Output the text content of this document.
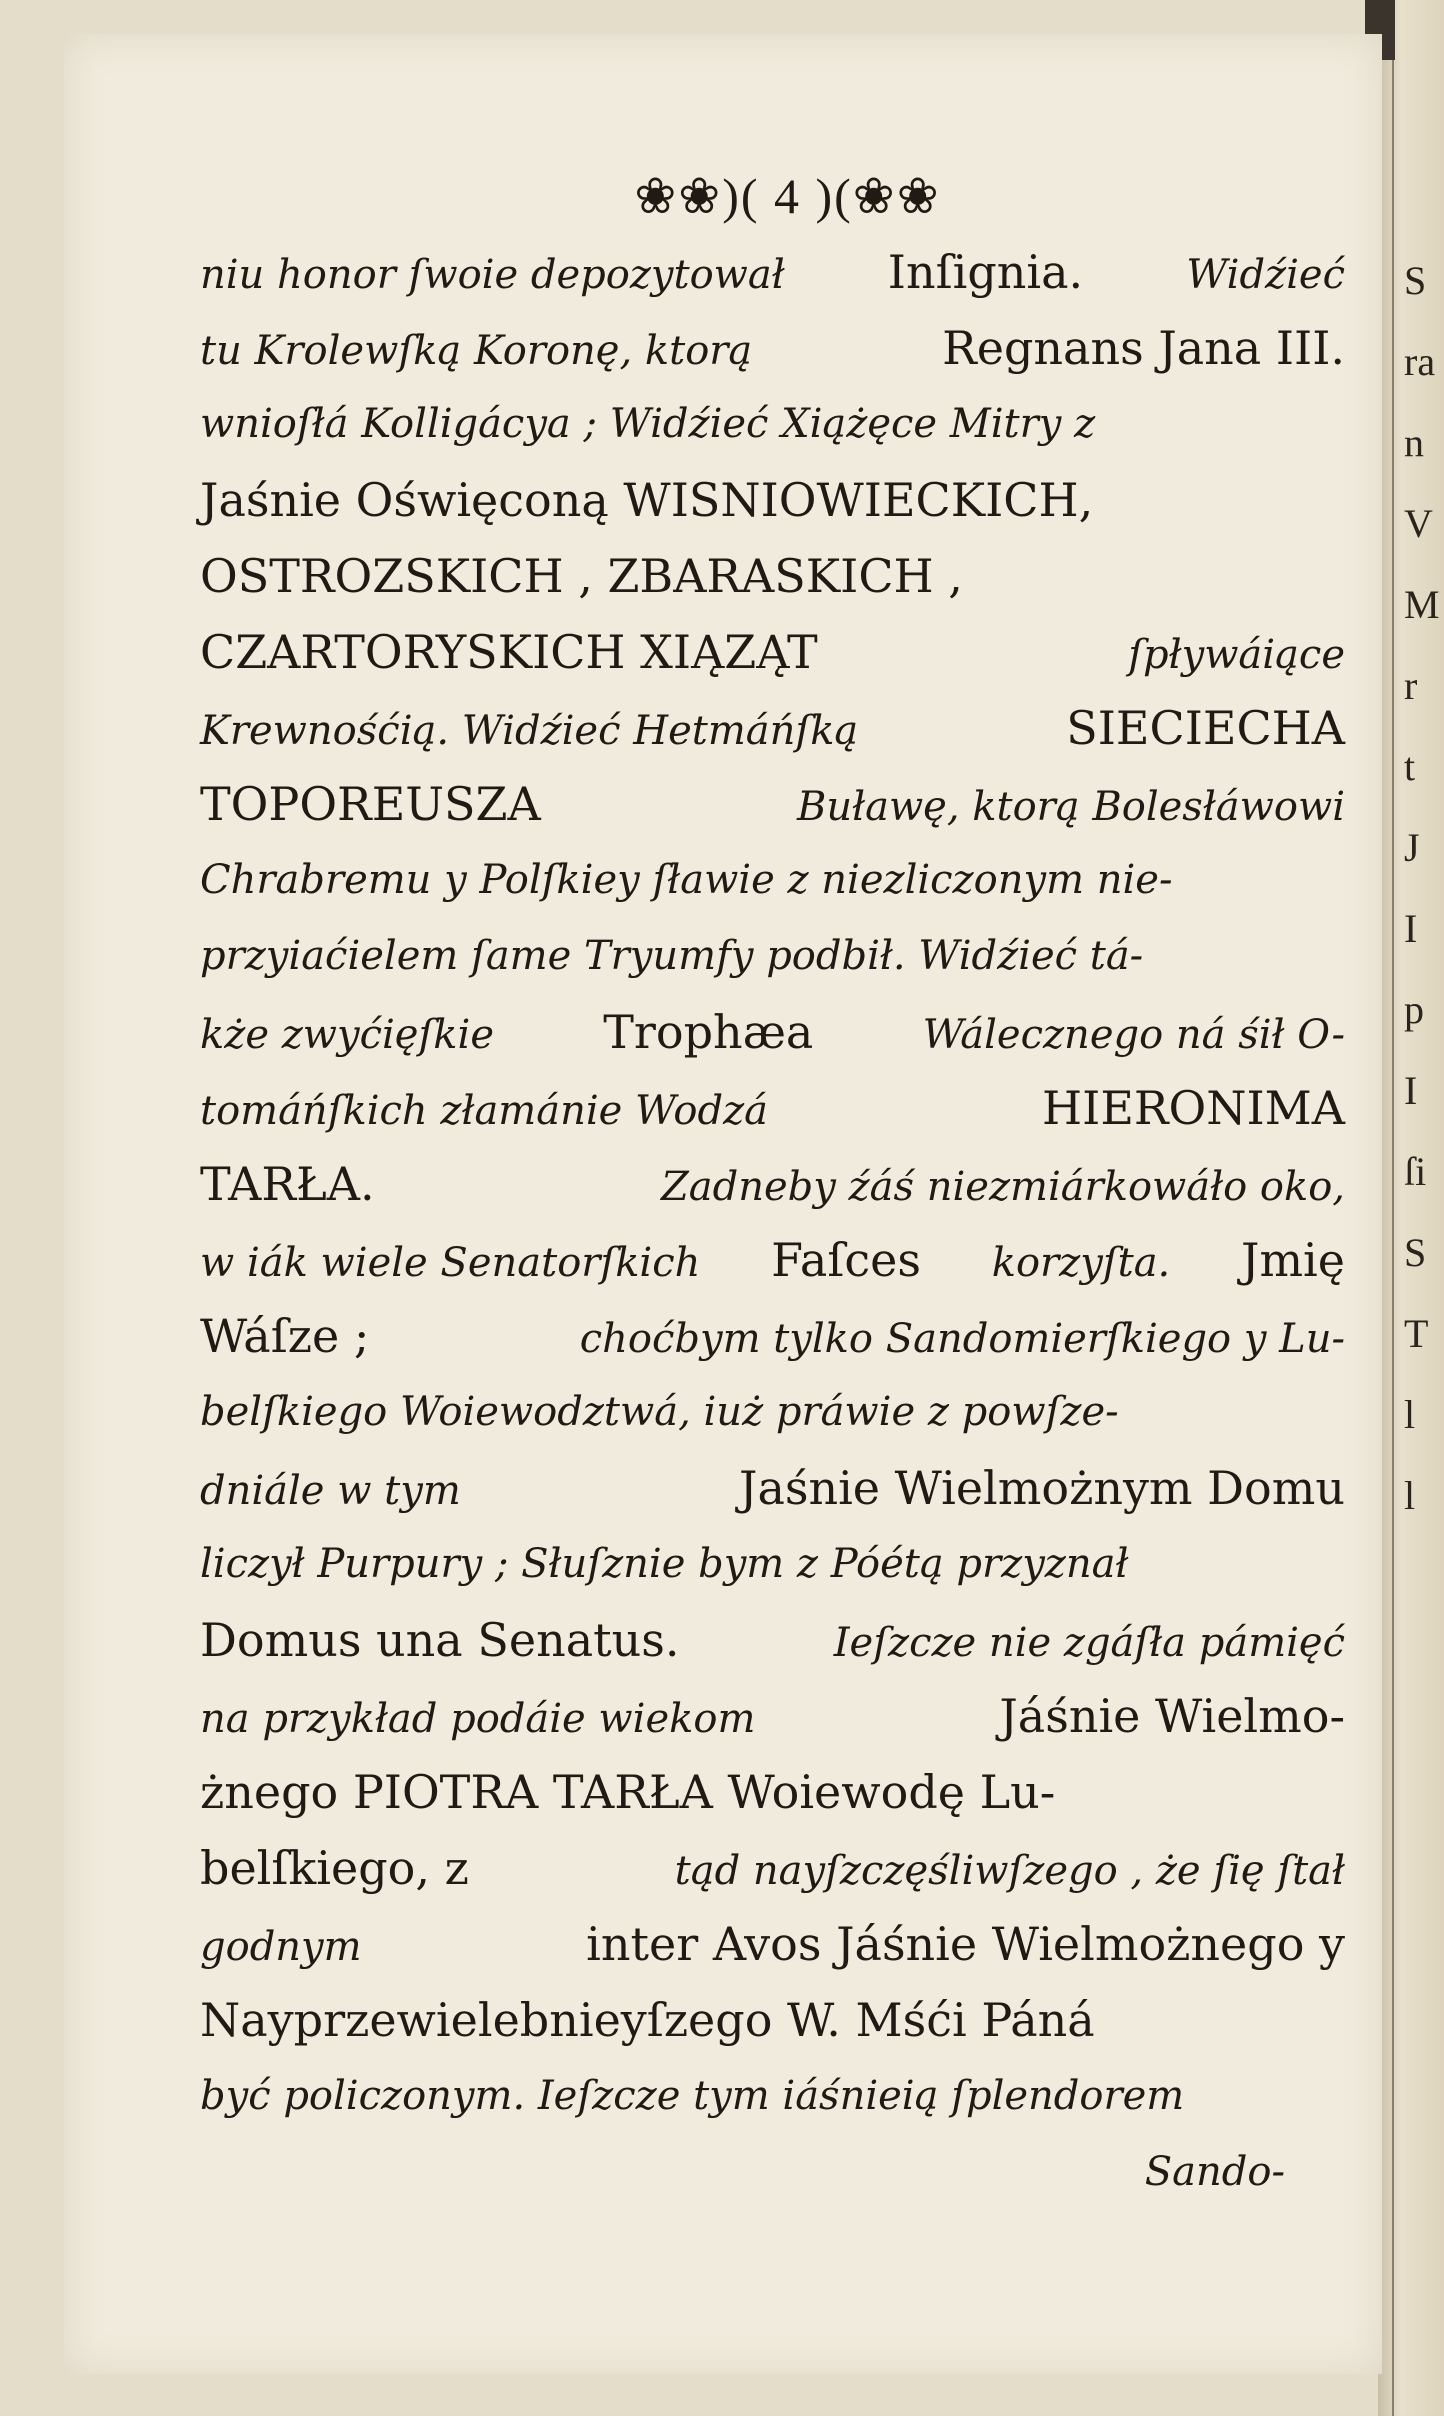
S
ra
n
V
M
r
t
J
I
p
I
ſi
S
T
l
l
❀❀)( 4 )(❀❀
niu honor ſwoie depozytował Inſignia.	Widźieć
tu Krolewſką Koronę, ktorą	Regnans Jana III.
wnioſłá Kolligácya ; Widźieć Xiążęce Mitry z
Jaśnie Oświęconą WISNIOWIECKICH,
OSTROZSKICH , ZBARASKICH ,
CZARTORYSKICH XIĄZĄT	ſpływáiące
Krewnośćią. Widźieć Hetmáńſką	SIECIECHA
TOPOREUSZA	Buławę, ktorą Bolesłáwowi
Chrabremu y Polſkiey ſławie z niezliczonym nie-
przyiaćielem ſame Tryumfy podbił. Widźieć tá-
kże zwyćięſkie Trophæa	Wálecznego ná śił O-
tomáńſkich złamánie Wodzá	HIERONIMA
TARŁA.	Zadneby źáś niezmiárkowáło oko,
w iák wiele Senatorſkich Faſces korzyſta. Jmię
Wáſze ;	choćbym tylko Sandomierſkiego y Lu-
belſkiego Woiewodztwá, iuż práwie z powſze-
dniále w tym	Jaśnie Wielmożnym Domu
liczył Purpury ; Słuſznie bym z Póétą przyznał
Domus una Senatus.	Ieſzcze nie zgáſła pámięć
na przykład podáie wiekom	Jáśnie Wielmo-
żnego PIOTRA TARŁA Woiewodę Lu-
belſkiego, z	tąd nayſzczęśliwſzego , że ſię ſtał
godnym	inter Avos Jáśnie Wielmożnego y
Nayprzewielebnieyſzego W. Mśći Páná
być policzonym. Ieſzcze tym iáśnieią ſplendorem
Sando-
